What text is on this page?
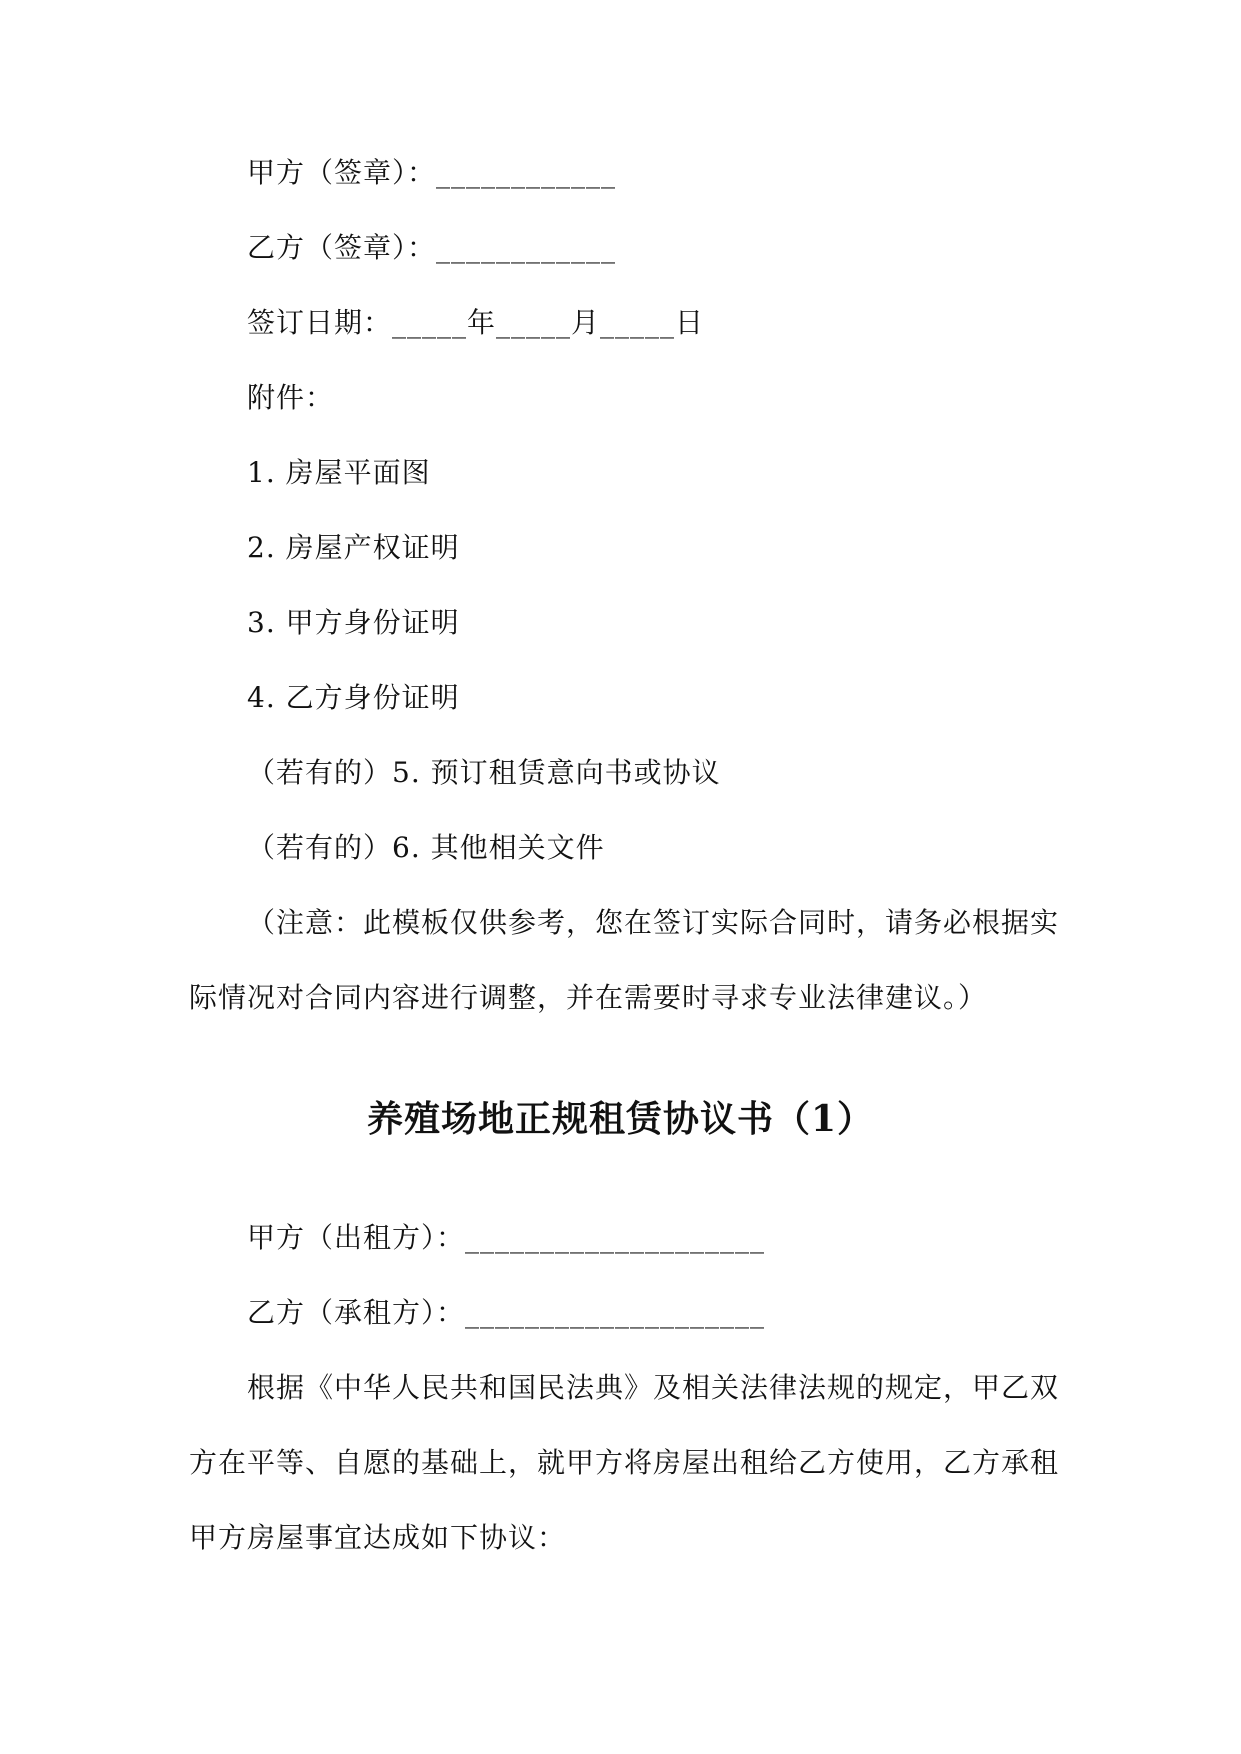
甲方（签章）：____________
乙方（签章）：____________
签订日期：_____年_____月_____日
附件：
1. 房屋平面图
2. 房屋产权证明
3. 甲方身份证明
4. 乙方身份证明
（若有的）5. 预订租赁意向书或协议
（若有的）6. 其他相关文件
（注意：此模板仅供参考，您在签订实际合同时，请务必根据实
际情况对合同内容进行调整，并在需要时寻求专业法律建议。）
养殖场地正规租赁协议书（1）
甲方（出租方）：____________________
乙方（承租方）：____________________
根据《中华人民共和国民法典》及相关法律法规的规定，甲乙双
方在平等、自愿的基础上，就甲方将房屋出租给乙方使用，乙方承租
甲方房屋事宜达成如下协议：
